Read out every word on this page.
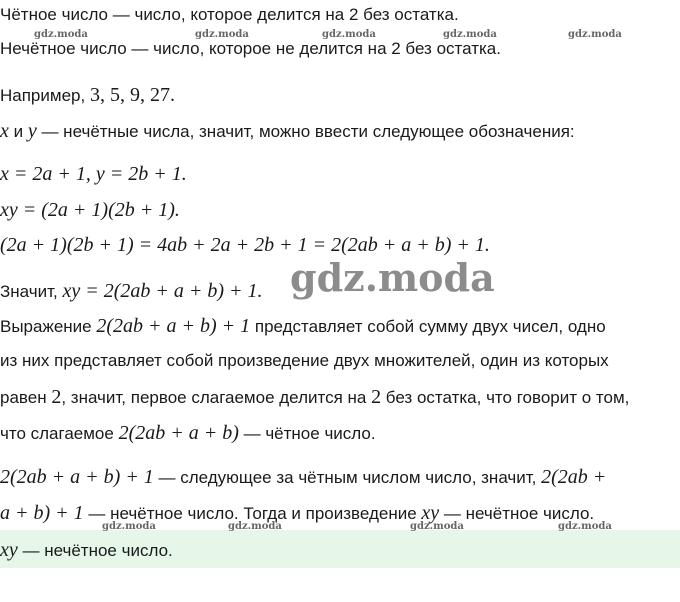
Чётное число — число, которое делится на 2 без остатка.
Нечётное число — число, которое не делится на 2 без остатка.
Например, 3, 5, 9, 27.
x и y — нечётные числа, значит, можно ввести следующее обозначения:
x = 2a + 1, y = 2b + 1.
xy = (2a + 1)(2b + 1).
(2a + 1)(2b + 1) = 4ab + 2a + 2b + 1 = 2(2ab + a + b) + 1.
Значит, xy = 2(2ab + a + b) + 1.
Выражение 2(2ab + a + b) + 1 представляет собой сумму двух чисел, одно
из них представляет собой произведение двух множителей, один из которых
равен 2, значит, первое слагаемое делится на 2 без остатка, что говорит о том,
что слагаемое 2(2ab + a + b) — чётное число.
2(2ab + a + b) + 1 — следующее за чётным числом число, значит, 2(2ab +
a + b) + 1 — нечётное число. Тогда и произведение xy — нечётное число.
xy — нечётное число.
gdz.moda	gdz.moda	gdz.moda	gdz.moda	gdz.moda
gdz.moda	gdz.moda	gdz.moda	gdz.moda
gdz.moda
